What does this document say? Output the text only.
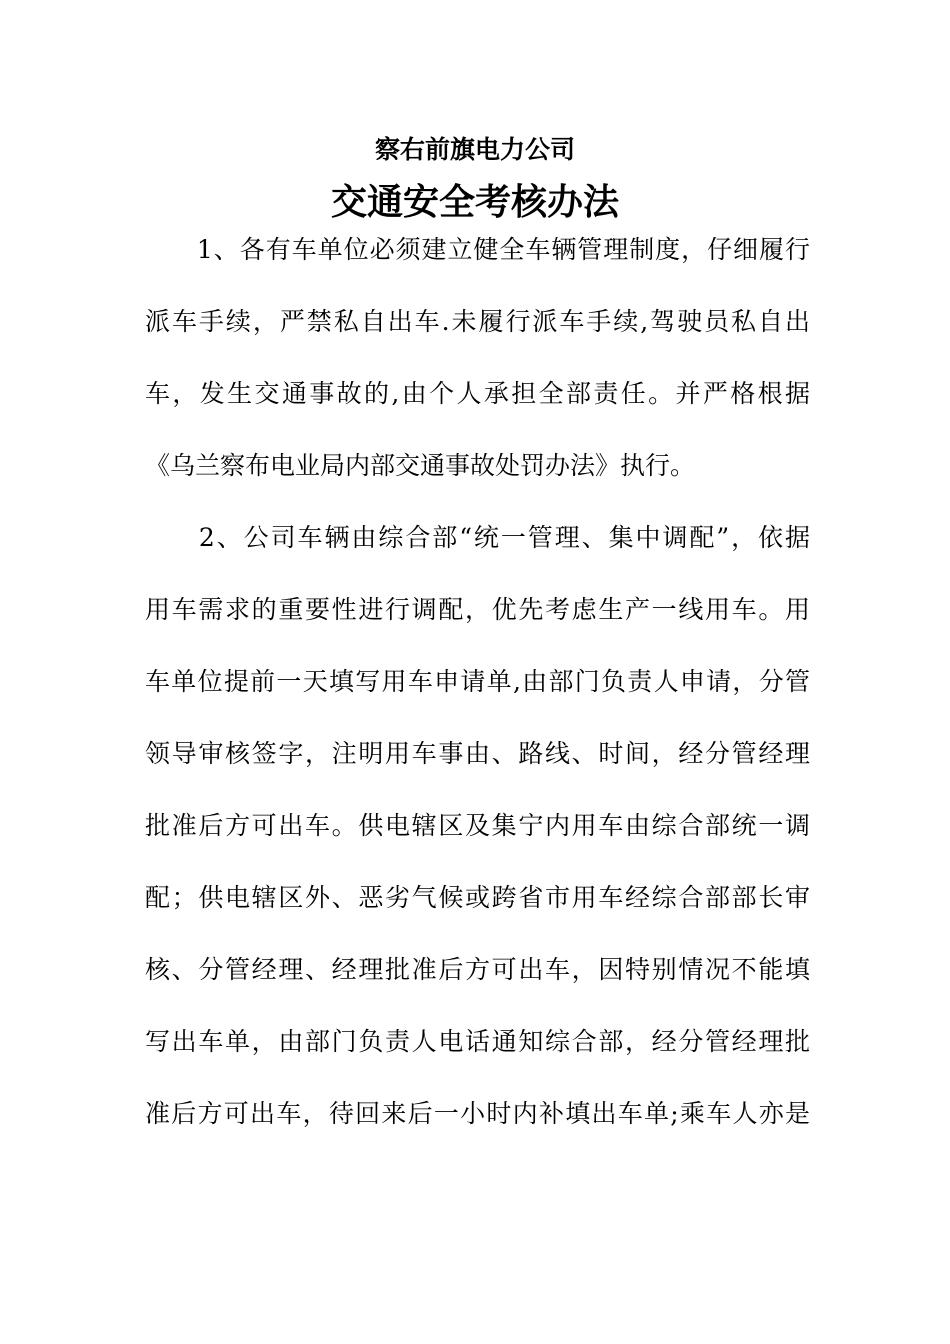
察右前旗电力公司
交通安全考核办法
　　1、各有车单位必须建立健全车辆管理制度，仔细履行
派车手续，严禁私自出车.未履行派车手续,驾驶员私自出
车，发生交通事故的,由个人承担全部责任。并严格根据
《乌兰察布电业局内部交通事故处罚办法》执行。
　　2、公司车辆由综合部“统一管理、集中调配”，依据
用车需求的重要性进行调配，优先考虑生产一线用车。用
车单位提前一天填写用车申请单,由部门负责人申请，分管
领导审核签字，注明用车事由、路线、时间，经分管经理
批准后方可出车。供电辖区及集宁内用车由综合部统一调
配；供电辖区外、恶劣气候或跨省市用车经综合部部长审
核、分管经理、经理批准后方可出车，因特别情况不能填
写出车单，由部门负责人电话通知综合部，经分管经理批
准后方可出车，待回来后一小时内补填出车单;乘车人亦是
